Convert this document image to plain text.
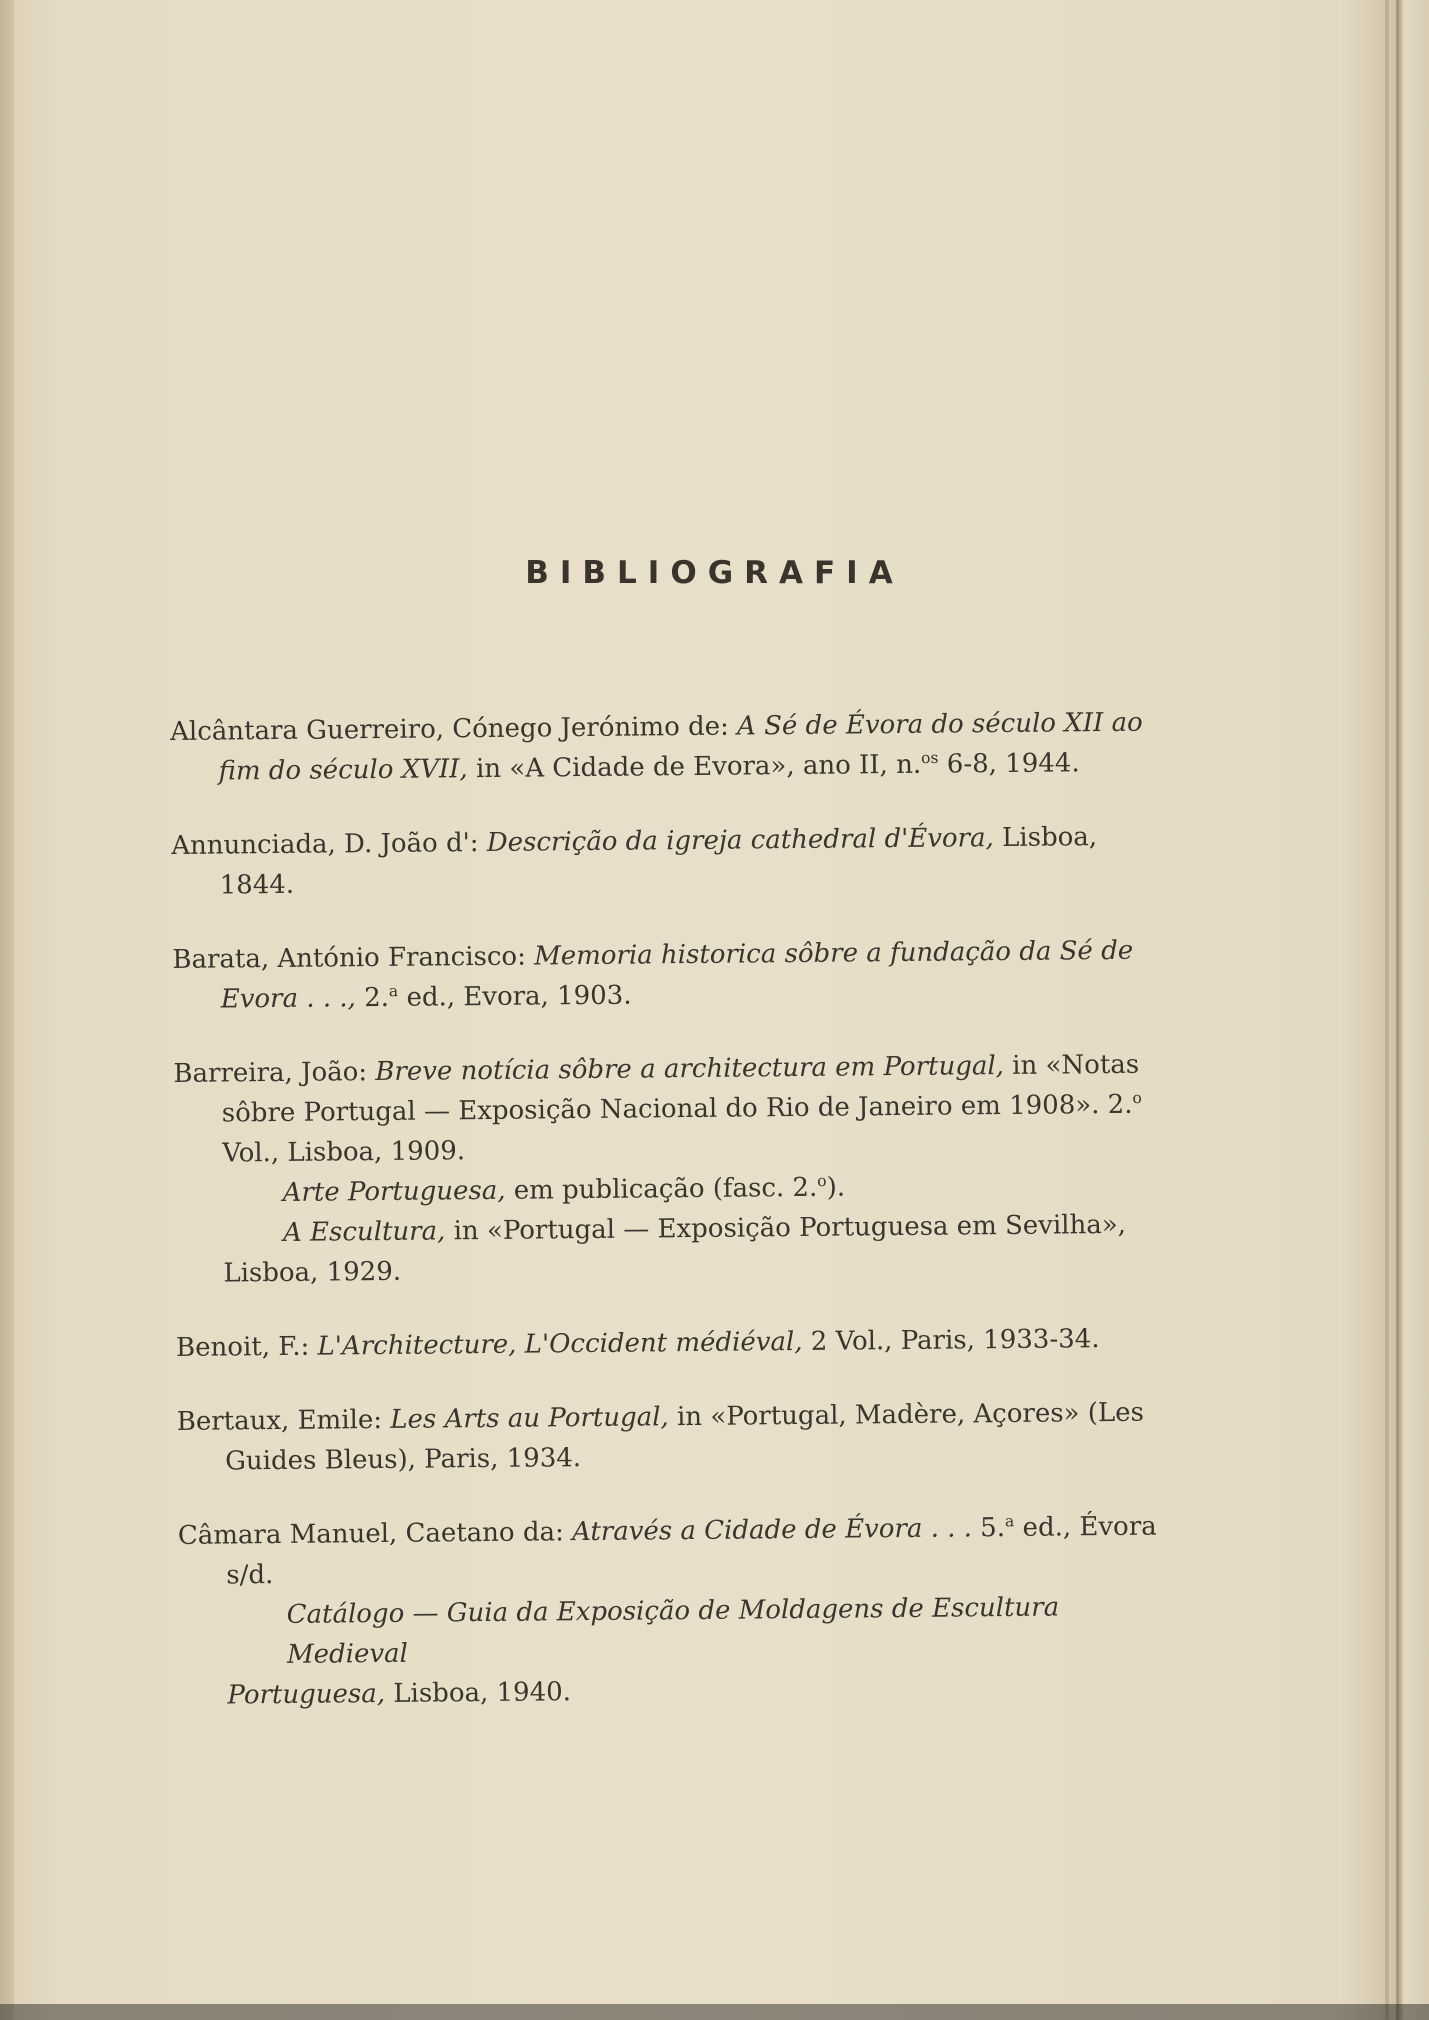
BIBLIOGRAFIA
Alcântara Guerreiro, Cónego Jerónimo de: A Sé de Évora do século XII ao fim do século XVII, in «A Cidade de Evora», ano II, n.$^{os}$ 6-8, 1944.
Annunciada, D. João d': Descrição da igreja cathedral d'Évora, Lisboa, 1844.
Barata, António Francisco: Memoria historica sôbre a fundação da Sé de Evora . . ., 2.$^a$ ed., Evora, 1903.
Barreira, João: Breve notícia sôbre a architectura em Portugal, in «Notas sôbre Portugal — Exposição Nacional do Rio de Janeiro em 1908». 2.$^o$ Vol., Lisboa, 1909.
Arte Portuguesa, em publicação (fasc. 2.$^o$).
A Escultura, in «Portugal — Exposição Portuguesa em Sevilha»,
Lisboa, 1929.
Benoit, F.: L'Architecture, L'Occident médiéval, 2 Vol., Paris, 1933-34.
Bertaux, Emile: Les Arts au Portugal, in «Portugal, Madère, Açores» (Les Guides Bleus), Paris, 1934.
Câmara Manuel, Caetano da: Através a Cidade de Évora . . . 5.$^a$ ed., Évora s/d.
Catálogo — Guia da Exposição de Moldagens de Escultura Medieval
Portuguesa, Lisboa, 1940.
